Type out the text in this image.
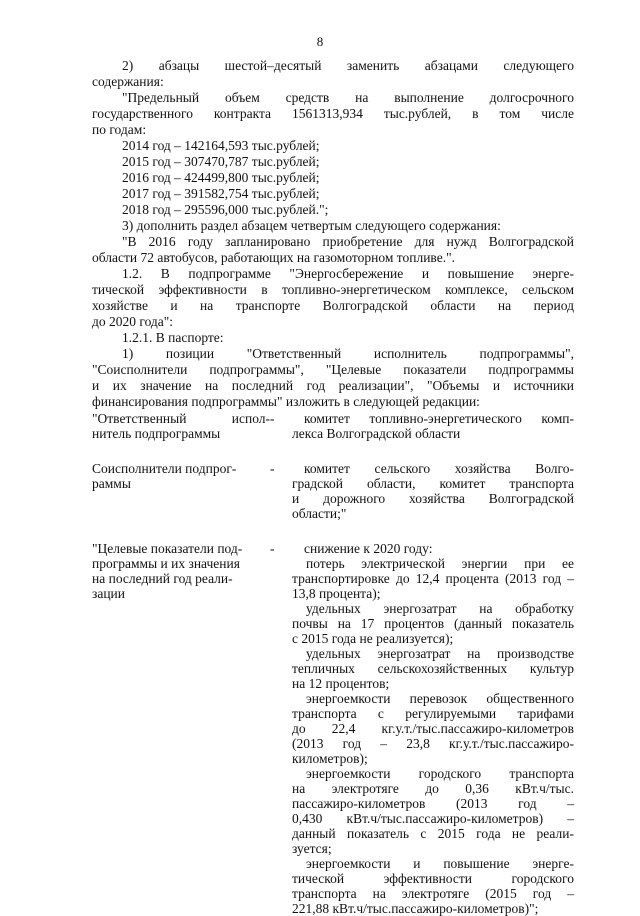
8

2) абзацы шестой–десятый заменить абзацами следующего

содержания:

"Предельный объем средств на выполнение долгосрочного

государственного контракта 1561313,934 тыс.рублей, в том числе

по годам:

2014 год – 142164,593 тыс.рублей;

2015 год – 307470,787 тыс.рублей;

2016 год – 424499,800 тыс.рублей;

2017 год – 391582,754 тыс.рублей;

2018 год – 295596,000 тыс.рублей.";

3) дополнить раздел абзацем четвертым следующего содержания:

"В 2016 году запланировано приобретение для нужд Волгоградской

области 72 автобусов, работающих на газомоторном топливе.".

1.2. В подпрограмме "Энергосбережение и повышение энерге-

тической эффективности в топливно-энергетическом комплексе, сельском

хозяйстве и на транспорте Волгоградской области на период

до 2020 года":

1.2.1. В паспорте:

1) позиции "Ответственный исполнитель подпрограммы",

"Соисполнители подпрограммы", "Целевые показатели подпрограммы

и их значение на последний год реализации", "Объемы и источники

финансирования подпрограммы" изложить в следующей редакции:

"Ответственный испол-

нитель подпрограммы

-	комитет топливно-энергетического комп-

лекса Волгоградской области

Соисполнители подпрог-

раммы

-	комитет сельского хозяйства Волго-

градской области, комитет транспорта

и дорожного хозяйства Волгоградской

области;"

"Целевые показатели под-

программы и их значения

на последний год реали-

зации

-	снижение к 2020 году:

потерь электрической энергии при ее

транспортировке до 12,4 процента (2013 год –

13,8 процента);

удельных энергозатрат на обработку

почвы на 17 процентов (данный показатель

с 2015 года не реализуется);

удельных энергозатрат на производстве

тепличных сельскохозяйственных культур

на 12 процентов;

энергоемкости перевозок общественного

транспорта с регулируемыми тарифами

до 22,4 кг.у.т./тыс.пассажиро-километров

(2013 год – 23,8 кг.у.т./тыс.пассажиро-

километров);

энергоемкости городского транспорта

на электротяге до 0,36 кВт.ч/тыс.

пассажиро-километров (2013 год –

0,430 кВт.ч/тыс.пассажиро-километров) –

данный показатель с 2015 года не реали-

зуется;

энергоемкости и повышение энерге-

тической эффективности городского

транспорта на электротяге (2015 год –

221,88 кВт.ч/тыс.пассажиро-километров)";
